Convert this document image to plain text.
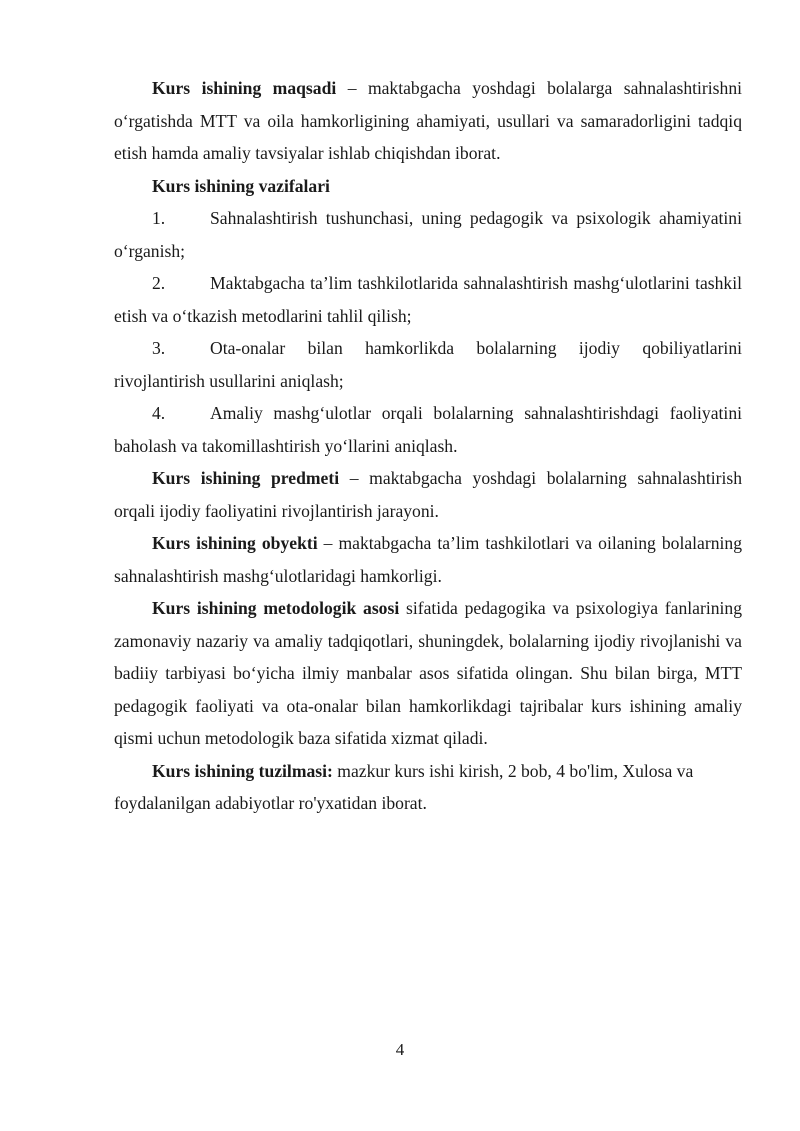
Kurs ishining maqsadi – maktabgacha yoshdagi bolalarga sahnalashtirishni o‘rgatishda MTT va oila hamkorligining ahamiyati, usullari va samaradorligini tadqiq etish hamda amaliy tavsiyalar ishlab chiqishdan iborat.

Kurs ishining vazifalari

1.	Sahnalashtirish tushunchasi, uning pedagogik va psixologik ahamiyatini o‘rganish;

2.	Maktabgacha ta’lim tashkilotlarida sahnalashtirish mashg‘ulotlarini tashkil etish va o‘tkazish metodlarini tahlil qilish;

3.	Ota-onalar bilan hamkorlikda bolalarning ijodiy qobiliyatlarini rivojlantirish usullarini aniqlash;

4.	Amaliy mashg‘ulotlar orqali bolalarning sahnalashtirishdagi faoliyatini baholash va takomillashtirish yo‘llarini aniqlash.

Kurs ishining predmeti – maktabgacha yoshdagi bolalarning sahnalashtirish orqali ijodiy faoliyatini rivojlantirish jarayoni.

Kurs ishining obyekti – maktabgacha ta’lim tashkilotlari va oilaning bolalarning sahnalashtirish mashg‘ulotlaridagi hamkorligi.

Kurs ishining metodologik asosi sifatida pedagogika va psixologiya fanlarining zamonaviy nazariy va amaliy tadqiqotlari, shuningdek, bolalarning ijodiy rivojlanishi va badiiy tarbiyasi bo‘yicha ilmiy manbalar asos sifatida olingan. Shu bilan birga, MTT pedagogik faoliyati va ota-onalar bilan hamkorlikdagi tajribalar kurs ishining amaliy qismi uchun metodologik baza sifatida xizmat qiladi.

Kurs ishining tuzilmasi: mazkur kurs ishi kirish, 2 bob, 4 bo'lim, Xulosa va foydalanilgan adabiyotlar ro'yxatidan iborat.

4
